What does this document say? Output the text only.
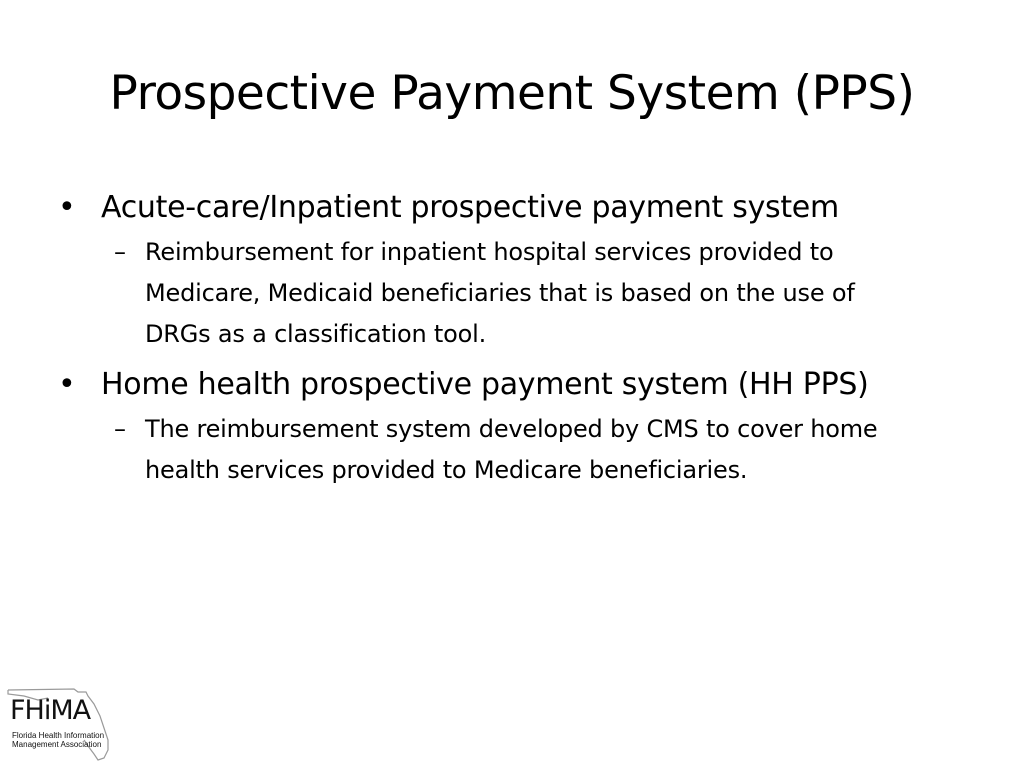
Prospective Payment System (PPS)
• Acute-care/Inpatient prospective payment system
– Reimbursement for inpatient hospital services provided to Medicare, Medicaid beneficiaries that is based on the use of DRGs as a classification tool.
• Home health prospective payment system (HH PPS)
– The reimbursement system developed by CMS to cover home health services provided to Medicare beneficiaries.
FHiMA
Florida Health Information
Management Association
